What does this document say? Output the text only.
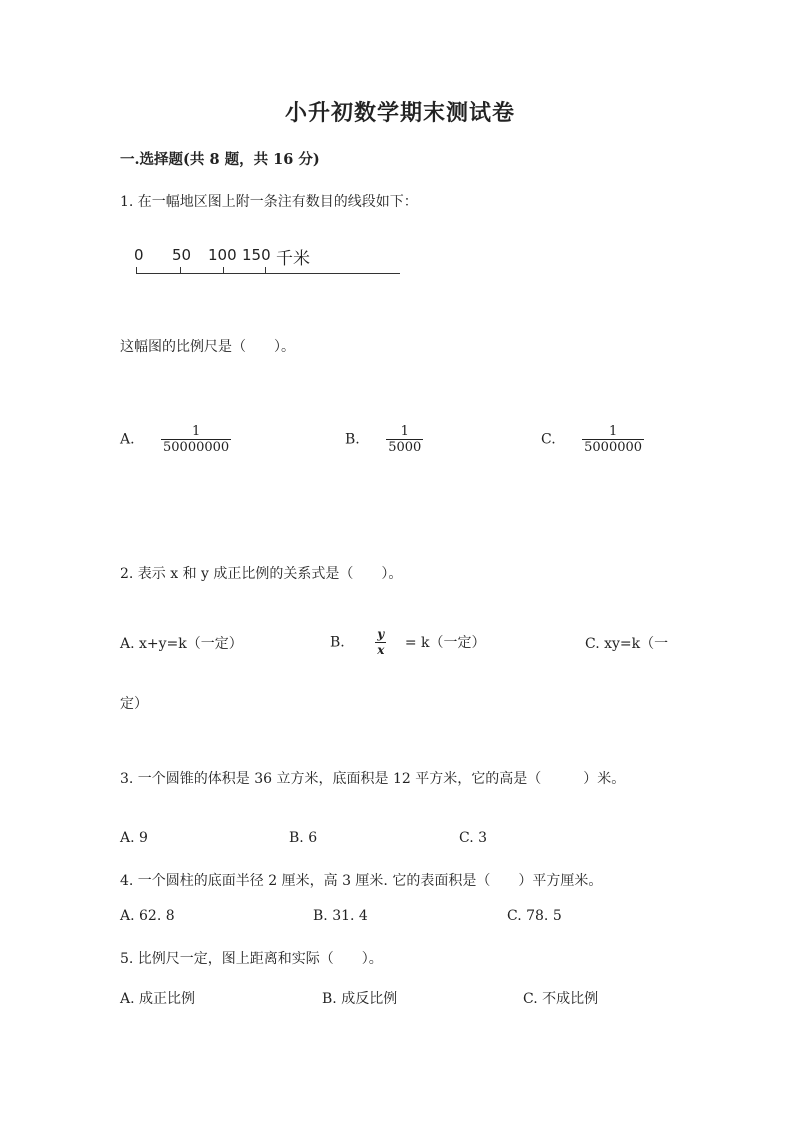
小升初数学期末测试卷
一.选择题(共 8 题，共 16 分)
1. 在一幅地区图上附一条注有数目的线段如下：
0 50 100 150 千米
这幅图的比例尺是（　　）。
A. $\frac{1}{50000000}$	B. $\frac{1}{5000}$	C. $\frac{1}{5000000}$
2. 表示 x 和 y 成正比例的关系式是（　　）。
A. x+y=k（一定）	B.	$\frac{y}{x} = k$（一定）	C. xy=k（一
定）
3. 一个圆锥的体积是 36 立方米，底面积是 12 平方米，它的高是（　　　）米。
A. 9	B. 6	C. 3
4. 一个圆柱的底面半径 2 厘米，高 3 厘米. 它的表面积是（　　）平方厘米。
A. 62. 8	B. 31. 4	C. 78. 5
5. 比例尺一定，图上距离和实际（　　）。
A. 成正比例	B. 成反比例	C. 不成比例
